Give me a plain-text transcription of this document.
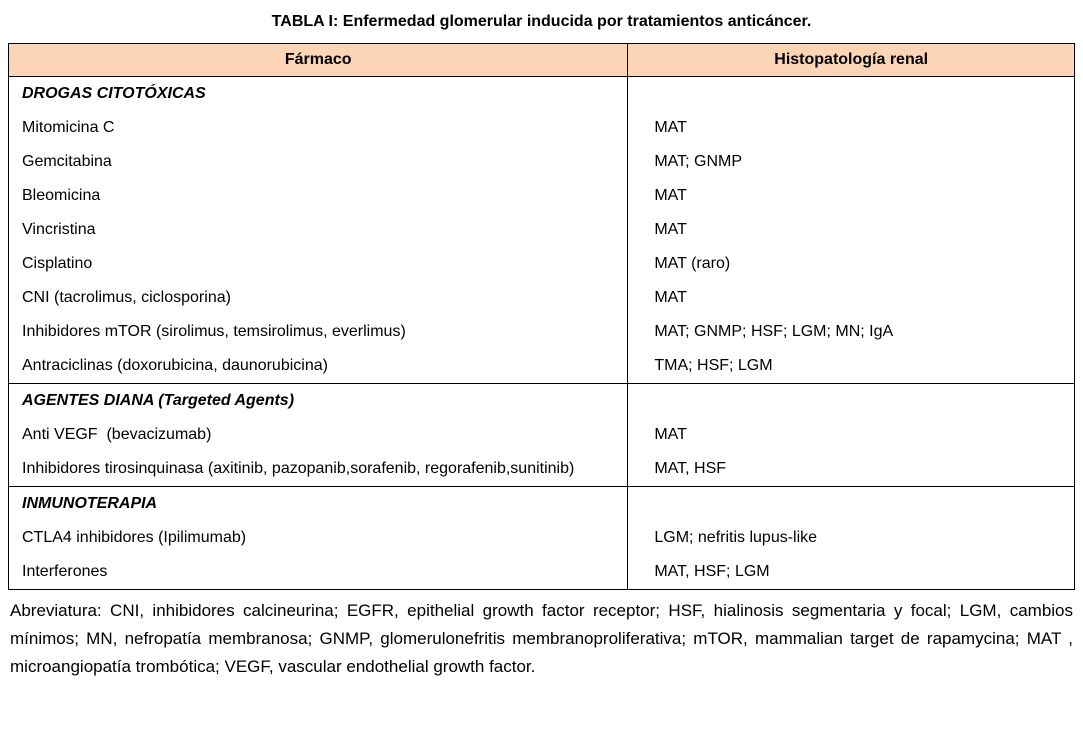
TABLA I: Enfermedad glomerular inducida por tratamientos anticáncer.
Fármaco	Histopatología renal
DROGAS CITOTÓXICAS	
Mitomicina C	MAT
Gemcitabina	MAT; GNMP
Bleomicina	MAT
Vincristina	MAT
Cisplatino	MAT (raro)
CNI (tacrolimus, ciclosporina)	MAT
Inhibidores mTOR (sirolimus, temsirolimus, everlimus)	MAT; GNMP; HSF; LGM; MN; IgA
Antraciclinas (doxorubicina, daunorubicina)	TMA; HSF; LGM
AGENTES DIANA (Targeted Agents)	
Anti VEGF  (bevacizumab)	MAT
Inhibidores tirosinquinasa (axitinib, pazopanib,sorafenib, regorafenib,sunitinib)	MAT, HSF
INMUNOTERAPIA	
CTLA4 inhibidores (Ipilimumab)	LGM; nefritis lupus-like
Interferones	MAT, HSF; LGM
Abreviatura: CNI, inhibidores calcineurina; EGFR, epithelial growth factor receptor; HSF, hialinosis segmentaria y focal; LGM, cambios mínimos; MN, nefropatía membranosa; GNMP, glomerulonefritis membranoproliferativa; mTOR, mammalian target de rapamycina; MAT , microangiopatía trombótica; VEGF, vascular endothelial growth factor.
